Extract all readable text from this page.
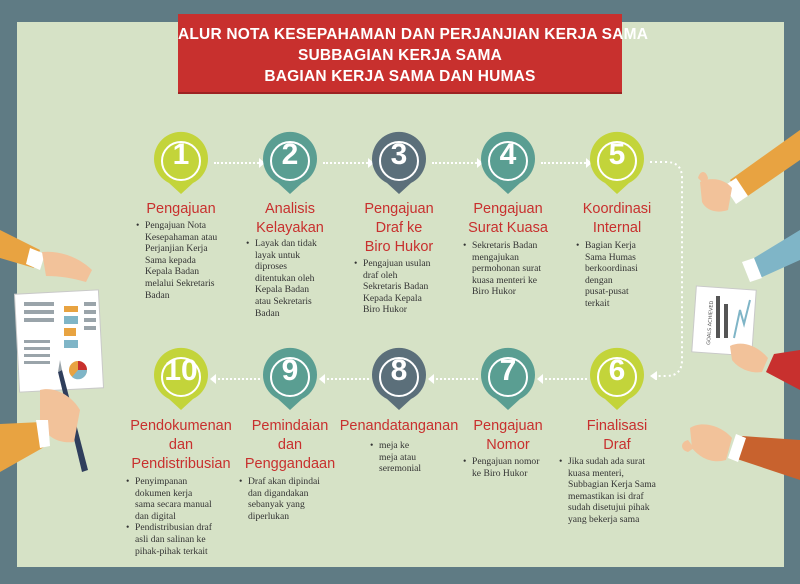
GOALS ACHIEVED
ALUR NOTA KESEPAHAMAN DAN PERJANJIAN KERJA SAMA
SUBBAGIAN KERJA SAMA
BAGIAN KERJA SAMA DAN HUMAS
1	2	3	4	5
6
7
8
9
10
Pengajuan	Analisis
Kelayakan
Pengajuan
Draf ke
Biro Hukor
Pengajuan
Surat Kuasa
Koordinasi
Internal
Finalisasi
Draf
Pengajuan
Nomor
Penandatanganan
Pemindaian
dan
Penggandaan
Pendokumenan
dan
Pendistribusian
• Pengajuan Nota
Kesepahaman atau
Perjanjian Kerja
Sama kepada
Kepala Badan
melalui Sekretaris
Badan
• Layak dan tidak
layak untuk
diproses
ditentukan oleh
Kepala Badan
atau Sekretaris
Badan
• Pengajuan usulan
draf oleh
Sekretaris Badan
Kepada Kepala
Biro Hukor
• Sekretaris Badan
mengajukan
permohonan surat
kuasa menteri ke
Biro Hukor
• Bagian Kerja
Sama Humas
berkoordinasi
dengan
pusat-pusat
terkait
• Jika sudah ada surat
kuasa menteri,
Subbagian Kerja Sama
memastikan isi draf
sudah disetujui pihak
yang bekerja sama
• Pengajuan nomor
ke Biro Hukor
• meja ke
meja atau
seremonial
• Draf akan dipindai
dan digandakan
sebanyak yang
diperlukan
• Penyimpanan
dokumen kerja
sama secara manual
dan digital
• Pendistribusian draf
asli dan salinan ke
pihak-pihak terkait
